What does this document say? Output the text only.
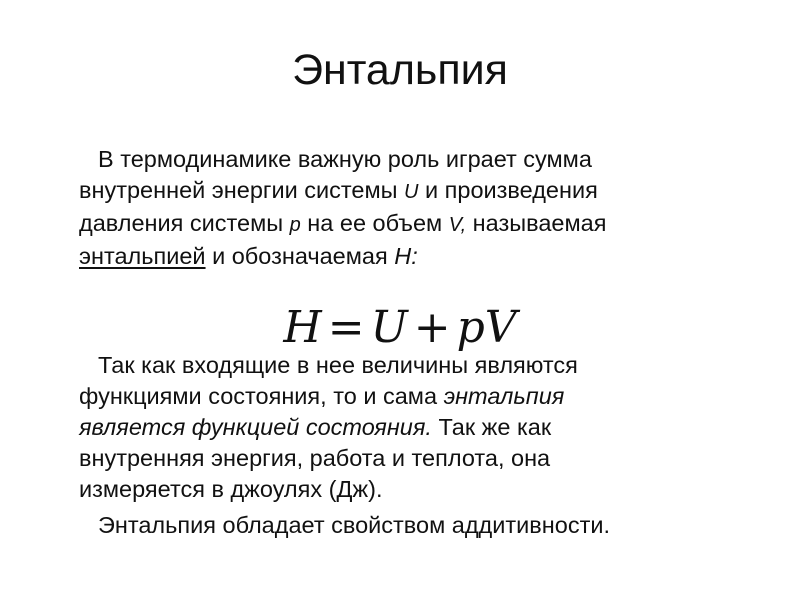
Энтальпия
В термодинамике важную роль играет сумма
внутренней энергии системы U и произведения
давления системы p на ее объем V, называемая
энтальпией и обозначаемая H:
H = U + pV
Так как входящие в нее величины являются
функциями состояния, то и сама энтальпия
является функцией состояния. Так же как
внутренняя энергия, работа и теплота, она
измеряется в джоулях (Дж).
Энтальпия обладает свойством аддитивности.
